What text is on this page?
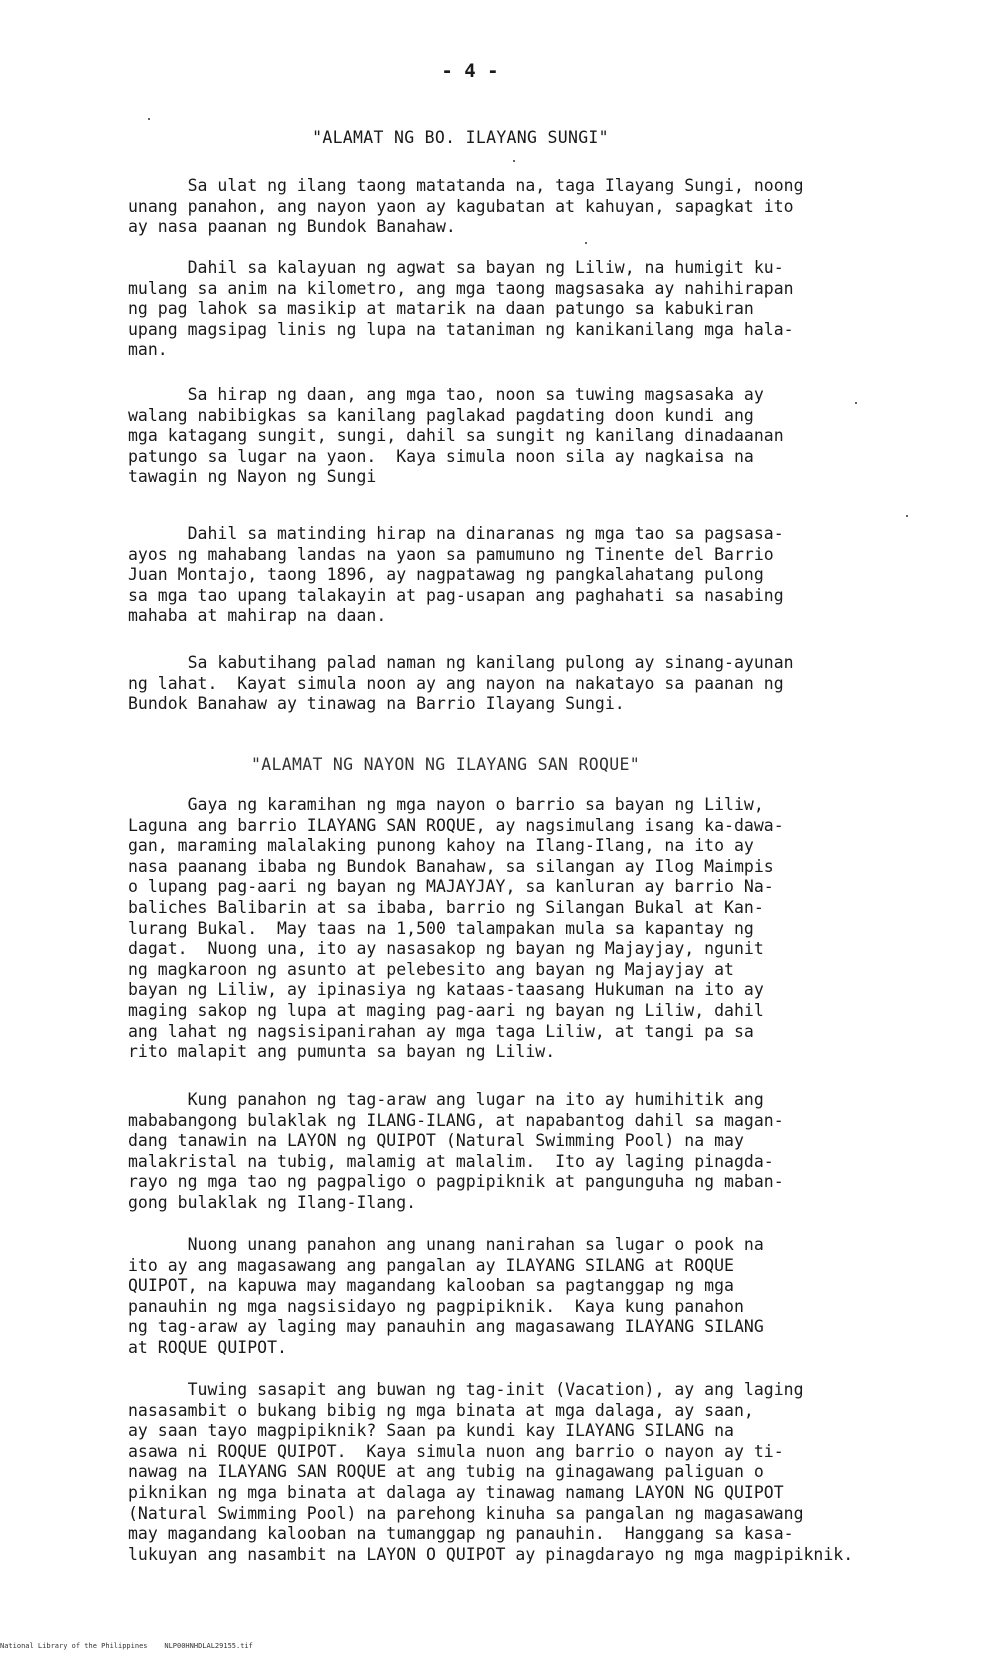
- 4 -
"ALAMAT NG BO. ILAYANG SUNGI"

Sa ulat ng ilang taong matatanda na, taga Ilayang Sungi, noong
unang panahon, ang nayon yaon ay kagubatan at kahuyan, sapagkat ito
ay nasa paanan ng Bundok Banahaw.

Dahil sa kalayuan ng agwat sa bayan ng Liliw, na humigit ku-
mulang sa anim na kilometro, ang mga taong magsasaka ay nahihirapan
ng pag lahok sa masikip at matarik na daan patungo sa kabukiran
upang magsipag linis ng lupa na tataniman ng kanikanilang mga hala-
man.

Sa hirap ng daan, ang mga tao, noon sa tuwing magsasaka ay
walang nabibigkas sa kanilang paglakad pagdating doon kundi ang
mga katagang sungit, sungi, dahil sa sungit ng kanilang dinadaanan
patungo sa lugar na yaon.  Kaya simula noon sila ay nagkaisa na
tawagin ng Nayon ng Sungi

Dahil sa matinding hirap na dinaranas ng mga tao sa pagsasa-
ayos ng mahabang landas na yaon sa pamumuno ng Tinente del Barrio
Juan Montajo, taong 1896, ay nagpatawag ng pangkalahatang pulong
sa mga tao upang talakayin at pag-usapan ang paghahati sa nasabing
mahaba at mahirap na daan.

Sa kabutihang palad naman ng kanilang pulong ay sinang-ayunan
ng lahat.  Kayat simula noon ay ang nayon na nakatayo sa paanan ng
Bundok Banahaw ay tinawag na Barrio Ilayang Sungi.

"ALAMAT NG NAYON NG ILAYANG SAN ROQUE"

Gaya ng karamihan ng mga nayon o barrio sa bayan ng Liliw,
Laguna ang barrio ILAYANG SAN ROQUE, ay nagsimulang isang ka-dawa-
gan, maraming malalaking punong kahoy na Ilang-Ilang, na ito ay
nasa paanang ibaba ng Bundok Banahaw, sa silangan ay Ilog Maimpis
o lupang pag-aari ng bayan ng MAJAYJAY, sa kanluran ay barrio Na-
baliches Balibarin at sa ibaba, barrio ng Silangan Bukal at Kan-
lurang Bukal.  May taas na 1,500 talampakan mula sa kapantay ng
dagat.  Nuong una, ito ay nasasakop ng bayan ng Majayjay, ngunit
ng magkaroon ng asunto at pelebesito ang bayan ng Majayjay at
bayan ng Liliw, ay ipinasiya ng kataas-taasang Hukuman na ito ay
maging sakop ng lupa at maging pag-aari ng bayan ng Liliw, dahil
ang lahat ng nagsisipanirahan ay mga taga Liliw, at tangi pa sa
rito malapit ang pumunta sa bayan ng Liliw.

Kung panahon ng tag-araw ang lugar na ito ay humihitik ang
mababangong bulaklak ng ILANG-ILANG, at napabantog dahil sa magan-
dang tanawin na LAYON ng QUIPOT (Natural Swimming Pool) na may
malakristal na tubig, malamig at malalim.  Ito ay laging pinagda-
rayo ng mga tao ng pagpaligo o pagpipiknik at pangunguha ng maban-
gong bulaklak ng Ilang-Ilang.

Nuong unang panahon ang unang nanirahan sa lugar o pook na
ito ay ang magasawang ang pangalan ay ILAYANG SILANG at ROQUE
QUIPOT, na kapuwa may magandang kalooban sa pagtanggap ng mga
panauhin ng mga nagsisidayo ng pagpipiknik.  Kaya kung panahon
ng tag-araw ay laging may panauhin ang magasawang ILAYANG SILANG
at ROQUE QUIPOT.

Tuwing sasapit ang buwan ng tag-init (Vacation), ay ang laging
nasasambit o bukang bibig ng mga binata at mga dalaga, ay saan,
ay saan tayo magpipiknik? Saan pa kundi kay ILAYANG SILANG na
asawa ni ROQUE QUIPOT.  Kaya simula nuon ang barrio o nayon ay ti-
nawag na ILAYANG SAN ROQUE at ang tubig na ginagawang paliguan o
piknikan ng mga binata at dalaga ay tinawag namang LAYON NG QUIPOT
(Natural Swimming Pool) na parehong kinuha sa pangalan ng magasawang
may magandang kalooban na tumanggap ng panauhin.  Hanggang sa kasa-
lukuyan ang nasambit na LAYON O QUIPOT ay pinagdarayo ng mga magpipiknik.

National Library of the Philippines    NLP00HNHDLAL29155.tif
